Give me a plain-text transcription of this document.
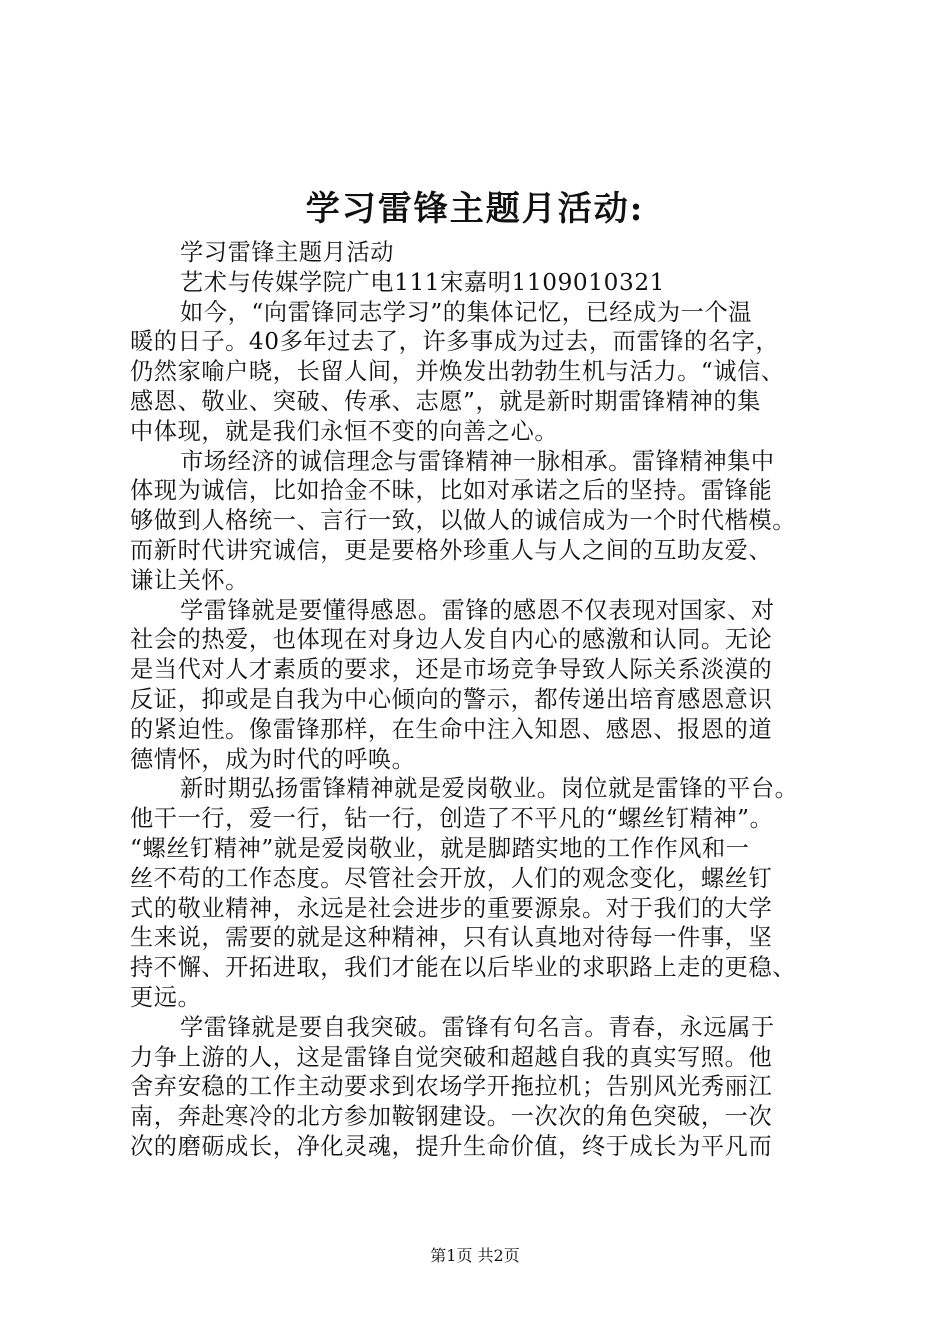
学习雷锋主题月活动:
学习雷锋主题月活动
艺术与传媒学院广电111宋嘉明1109010321
如今，“向雷锋同志学习”的集体记忆，已经成为一个温
暖的日子。40多年过去了，许多事成为过去，而雷锋的名字，
仍然家喻户晓，长留人间，并焕发出勃勃生机与活力。“诚信、
感恩、敬业、突破、传承、志愿”，就是新时期雷锋精神的集
中体现，就是我们永恒不变的向善之心。
市场经济的诚信理念与雷锋精神一脉相承。雷锋精神集中
体现为诚信，比如拾金不昧，比如对承诺之后的坚持。雷锋能
够做到人格统一、言行一致，以做人的诚信成为一个时代楷模。
而新时代讲究诚信，更是要格外珍重人与人之间的互助友爱、
谦让关怀。
学雷锋就是要懂得感恩。雷锋的感恩不仅表现对国家、对
社会的热爱，也体现在对身边人发自内心的感激和认同。无论
是当代对人才素质的要求，还是市场竞争导致人际关系淡漠的
反证，抑或是自我为中心倾向的警示，都传递出培育感恩意识
的紧迫性。像雷锋那样，在生命中注入知恩、感恩、报恩的道
德情怀，成为时代的呼唤。
新时期弘扬雷锋精神就是爱岗敬业。岗位就是雷锋的平台。
他干一行，爱一行，钻一行，创造了不平凡的“螺丝钉精神”。
“螺丝钉精神”就是爱岗敬业，就是脚踏实地的工作作风和一
丝不苟的工作态度。尽管社会开放，人们的观念变化，螺丝钉
式的敬业精神，永远是社会进步的重要源泉。对于我们的大学
生来说，需要的就是这种精神，只有认真地对待每一件事，坚
持不懈、开拓进取，我们才能在以后毕业的求职路上走的更稳、
更远。
学雷锋就是要自我突破。雷锋有句名言。青春，永远属于
力争上游的人，这是雷锋自觉突破和超越自我的真实写照。他
舍弃安稳的工作主动要求到农场学开拖拉机；告别风光秀丽江
南，奔赴寒冷的北方参加鞍钢建设。一次次的角色突破，一次
次的磨砺成长，净化灵魂，提升生命价值，终于成长为平凡而
第1页 共2页
